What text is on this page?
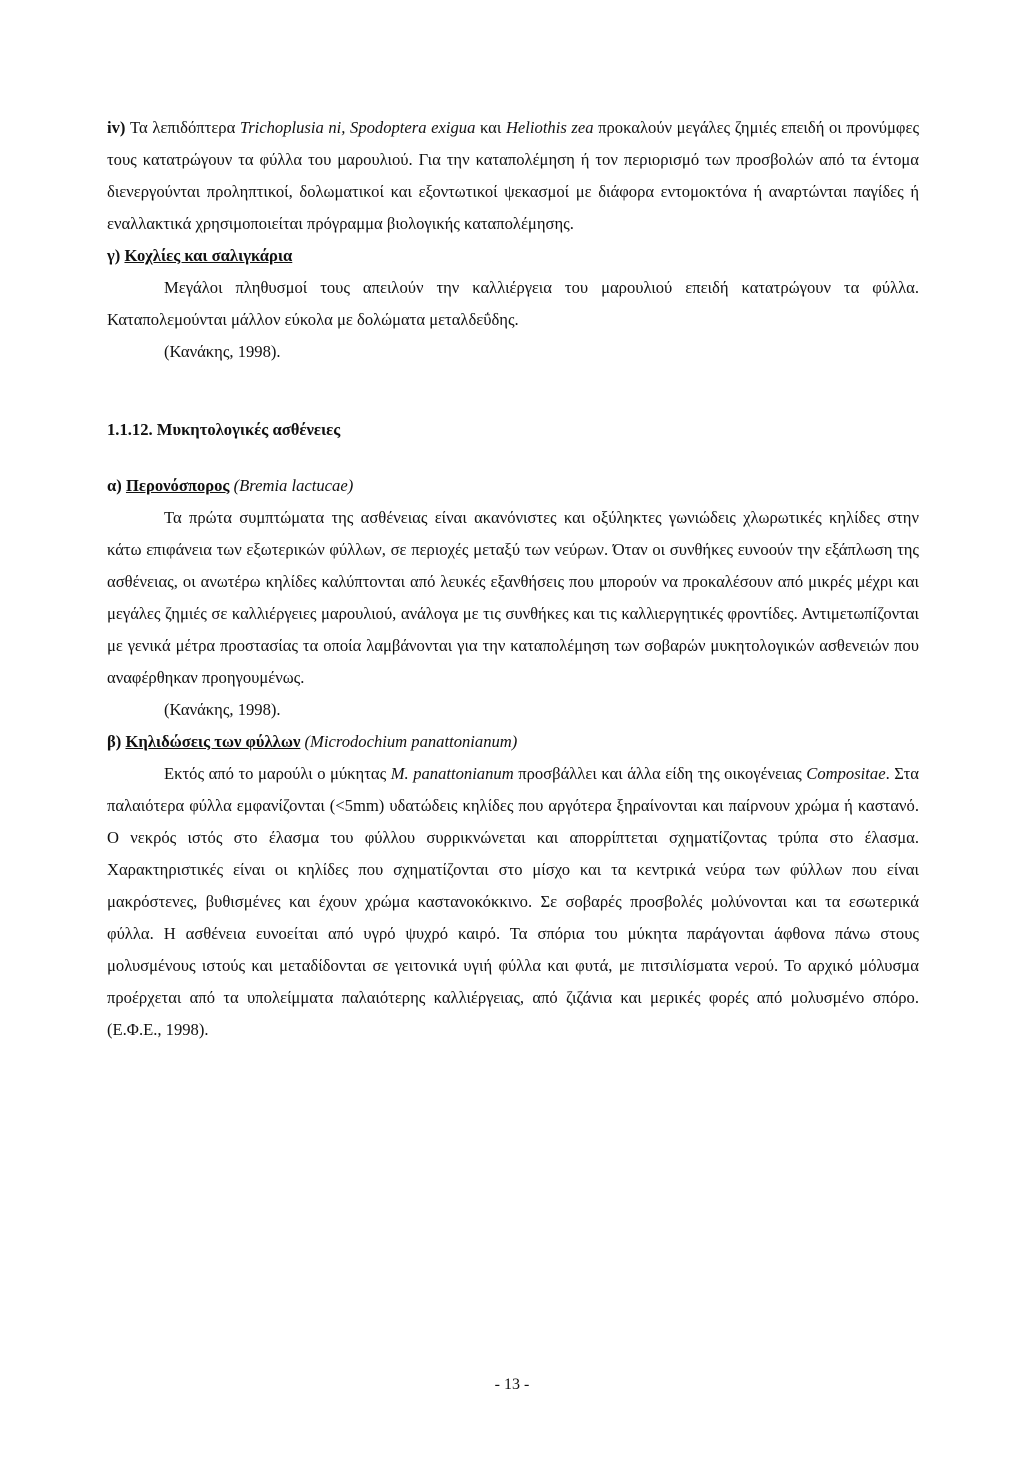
iv) Τα λεπιδόπτερα Trichoplusia ni, Spodoptera exigua και Heliothis zea προκαλούν μεγάλες ζημιές επειδή οι προνύμφες τους κατατρώγουν τα φύλλα του μαρουλιού. Για την καταπολέμηση ή τον περιορισμό των προσβολών από τα έντομα διενεργούνται προληπτικοί, δολωματικοί και εξοντωτικοί ψεκασμοί με διάφορα εντομοκτόνα ή αναρτώνται παγίδες ή εναλλακτικά χρησιμοποιείται πρόγραμμα βιολογικής καταπολέμησης.

γ) Κοχλίες και σαλιγκάρια

Μεγάλοι πληθυσμοί τους απειλούν την καλλιέργεια του μαρουλιού επειδή κατατρώγουν τα φύλλα. Καταπολεμούνται μάλλον εύκολα με δολώματα μεταλδεΰδης.

(Κανάκης, 1998).

1.1.12. Μυκητολογικές ασθένειες

α) Περονόσπορος (Bremia lactucae)

Τα πρώτα συμπτώματα της ασθένειας είναι ακανόνιστες και οξύληκτες γωνιώδεις χλωρωτικές κηλίδες στην κάτω επιφάνεια των εξωτερικών φύλλων, σε περιοχές μεταξύ των νεύρων. Όταν οι συνθήκες ευνοούν την εξάπλωση της ασθένειας, οι ανωτέρω κηλίδες καλύπτονται από λευκές εξανθήσεις που μπορούν να προκαλέσουν από μικρές μέχρι και μεγάλες ζημιές σε καλλιέργειες μαρουλιού, ανάλογα με τις συνθήκες και τις καλλιεργητικές φροντίδες. Αντιμετωπίζονται με γενικά μέτρα προστασίας τα οποία λαμβάνονται για την καταπολέμηση των σοβαρών μυκητολογικών ασθενειών που αναφέρθηκαν προηγουμένως.

(Κανάκης, 1998).

β) Κηλιδώσεις των φύλλων (Microdochium panattonianum)

Εκτός από το μαρούλι ο μύκητας M. panattonianum προσβάλλει και άλλα είδη της οικογένειας Compositae. Στα παλαιότερα φύλλα εμφανίζονται (<5mm) υδατώδεις κηλίδες που αργότερα ξηραίνονται και παίρνουν χρώμα ή καστανό. Ο νεκρός ιστός στο έλασμα του φύλλου συρρικνώνεται και απορρίπτεται σχηματίζοντας τρύπα στο έλασμα. Χαρακτηριστικές είναι οι κηλίδες που σχηματίζονται στο μίσχο και τα κεντρικά νεύρα των φύλλων που είναι μακρόστενες, βυθισμένες και έχουν χρώμα καστανοκόκκινο. Σε σοβαρές προσβολές μολύνονται και τα εσωτερικά φύλλα. Η ασθένεια ευνοείται από υγρό ψυχρό καιρό. Τα σπόρια του μύκητα παράγονται άφθονα πάνω στους μολυσμένους ιστούς και μεταδίδονται σε γειτονικά υγιή φύλλα και φυτά, με πιτσιλίσματα νερού. Το αρχικό μόλυσμα προέρχεται από τα υπολείμματα παλαιότερης καλλιέργειας, από ζιζάνια και μερικές φορές από μολυσμένο σπόρο. (Ε.Φ.Ε., 1998).

- 13 -
